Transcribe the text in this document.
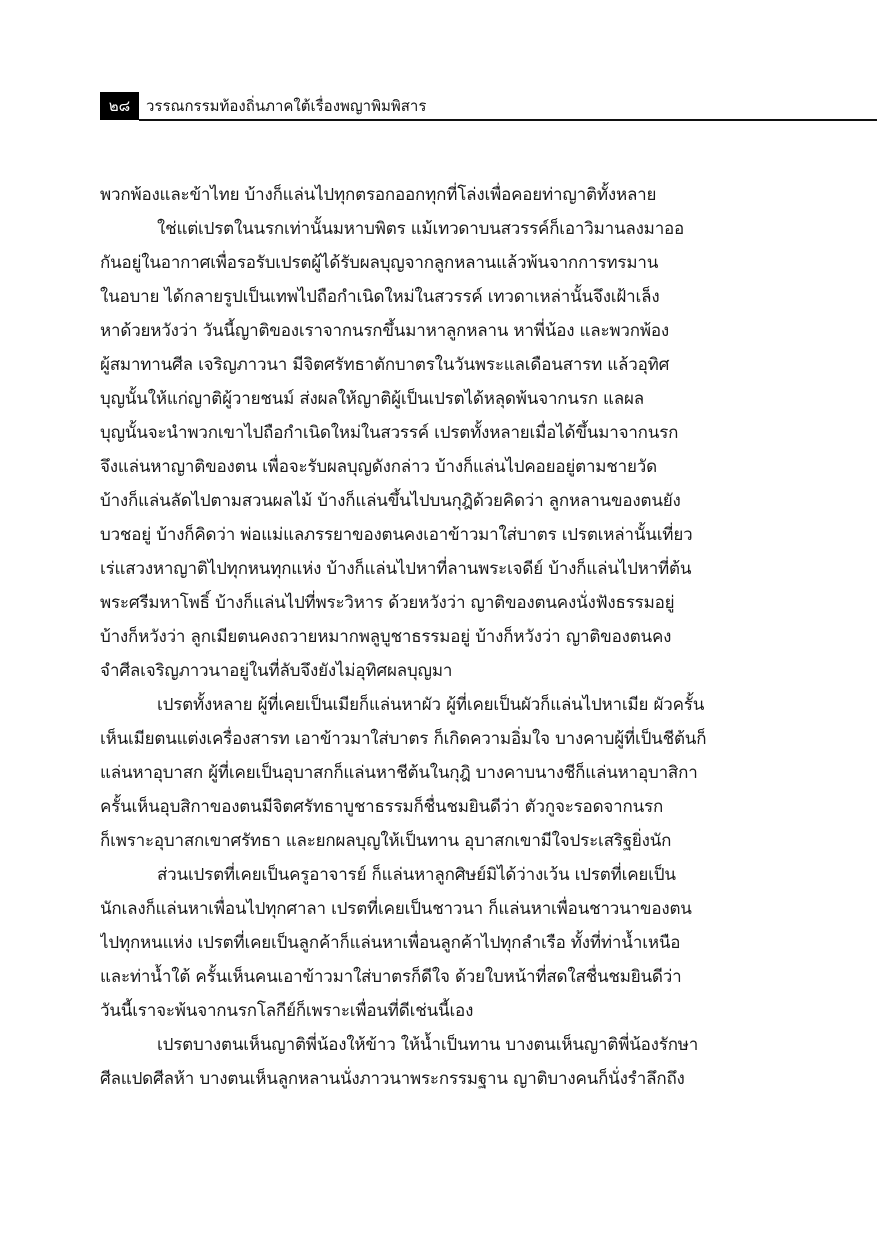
๒๘	วรรณกรรมท้องถิ่นภาคใต้เรื่องพญาพิมพิสาร
พวกพ้องและข้าไทย บ้างก็แล่นไปทุกตรอกออกทุกที่โล่งเพื่อคอยท่าญาติทั้งหลาย
ใช่แต่เปรตในนรกเท่านั้นมหาบพิตร แม้เทวดาบนสวรรค์ก็เอาวิมานลงมาออ
กันอยู่ในอากาศเพื่อรอรับเปรตผู้ได้รับผลบุญจากลูกหลานแล้วพ้นจากการทรมาน
ในอบาย ได้กลายรูปเป็นเทพไปถือกำเนิดใหม่ในสวรรค์ เทวดาเหล่านั้นจึงเฝ้าเล็ง
หาด้วยหวังว่า วันนี้ญาติของเราจากนรกขึ้นมาหาลูกหลาน หาพี่น้อง และพวกพ้อง
ผู้สมาทานศีล เจริญภาวนา มีจิตศรัทธาตักบาตรในวันพระแลเดือนสารท แล้วอุทิศ
บุญนั้นให้แก่ญาติผู้วายชนม์ ส่งผลให้ญาติผู้เป็นเปรตได้หลุดพ้นจากนรก แลผล
บุญนั้นจะนำพวกเขาไปถือกำเนิดใหม่ในสวรรค์ เปรตทั้งหลายเมื่อได้ขึ้นมาจากนรก
จึงแล่นหาญาติของตน เพื่อจะรับผลบุญดังกล่าว บ้างก็แล่นไปคอยอยู่ตามชายวัด
บ้างก็แล่นลัดไปตามสวนผลไม้ บ้างก็แล่นขึ้นไปบนกุฎิด้วยคิดว่า ลูกหลานของตนยัง
บวชอยู่ บ้างก็คิดว่า พ่อแม่แลภรรยาของตนคงเอาข้าวมาใส่บาตร เปรตเหล่านั้นเที่ยว
เร่แสวงหาญาติไปทุกหนทุกแห่ง บ้างก็แล่นไปหาที่ลานพระเจดีย์ บ้างก็แล่นไปหาที่ต้น
พระศรีมหาโพธิ์ บ้างก็แล่นไปที่พระวิหาร ด้วยหวังว่า ญาติของตนคงนั่งฟังธรรมอยู่
บ้างก็หวังว่า ลูกเมียตนคงถวายหมากพลูบูชาธรรมอยู่ บ้างก็หวังว่า ญาติของตนคง
จำศีลเจริญภาวนาอยู่ในที่ลับจึงยังไม่อุทิศผลบุญมา
เปรตทั้งหลาย ผู้ที่เคยเป็นเมียก็แล่นหาผัว ผู้ที่เคยเป็นผัวก็แล่นไปหาเมีย ผัวครั้น
เห็นเมียตนแต่งเครื่องสารท เอาข้าวมาใส่บาตร ก็เกิดความอิ่มใจ บางคาบผู้ที่เป็นชีต้นก็
แล่นหาอุบาสก ผู้ที่เคยเป็นอุบาสกก็แล่นหาชีต้นในกุฎิ บางคาบนางชีก็แล่นหาอุบาสิกา
ครั้นเห็นอุบสิกาของตนมีจิตศรัทธาบูชาธรรมก็ชื่นชมยินดีว่า ตัวกูจะรอดจากนรก
ก็เพราะอุบาสกเขาศรัทธา และยกผลบุญให้เป็นทาน อุบาสกเขามีใจประเสริฐยิ่งนัก
ส่วนเปรตที่เคยเป็นครูอาจารย์ ก็แล่นหาลูกศิษย์มิได้ว่างเว้น เปรตที่เคยเป็น
นักเลงก็แล่นหาเพื่อนไปทุกศาลา เปรตที่เคยเป็นชาวนา ก็แล่นหาเพื่อนชาวนาของตน
ไปทุกหนแห่ง เปรตที่เคยเป็นลูกค้าก็แล่นหาเพื่อนลูกค้าไปทุกลำเรือ ทั้งที่ท่าน้ำเหนือ
และท่าน้ำใต้ ครั้นเห็นคนเอาข้าวมาใส่บาตรก็ดีใจ ด้วยใบหน้าที่สดใสชื่นชมยินดีว่า
วันนี้เราจะพ้นจากนรกโลกีย์ก็เพราะเพื่อนที่ดีเช่นนี้เอง
เปรตบางตนเห็นญาติพี่น้องให้ข้าว ให้น้ำเป็นทาน บางตนเห็นญาติพี่น้องรักษา
ศีลแปดศีลห้า บางตนเห็นลูกหลานนั่งภาวนาพระกรรมฐาน ญาติบางคนก็นั่งรำลึกถึง
